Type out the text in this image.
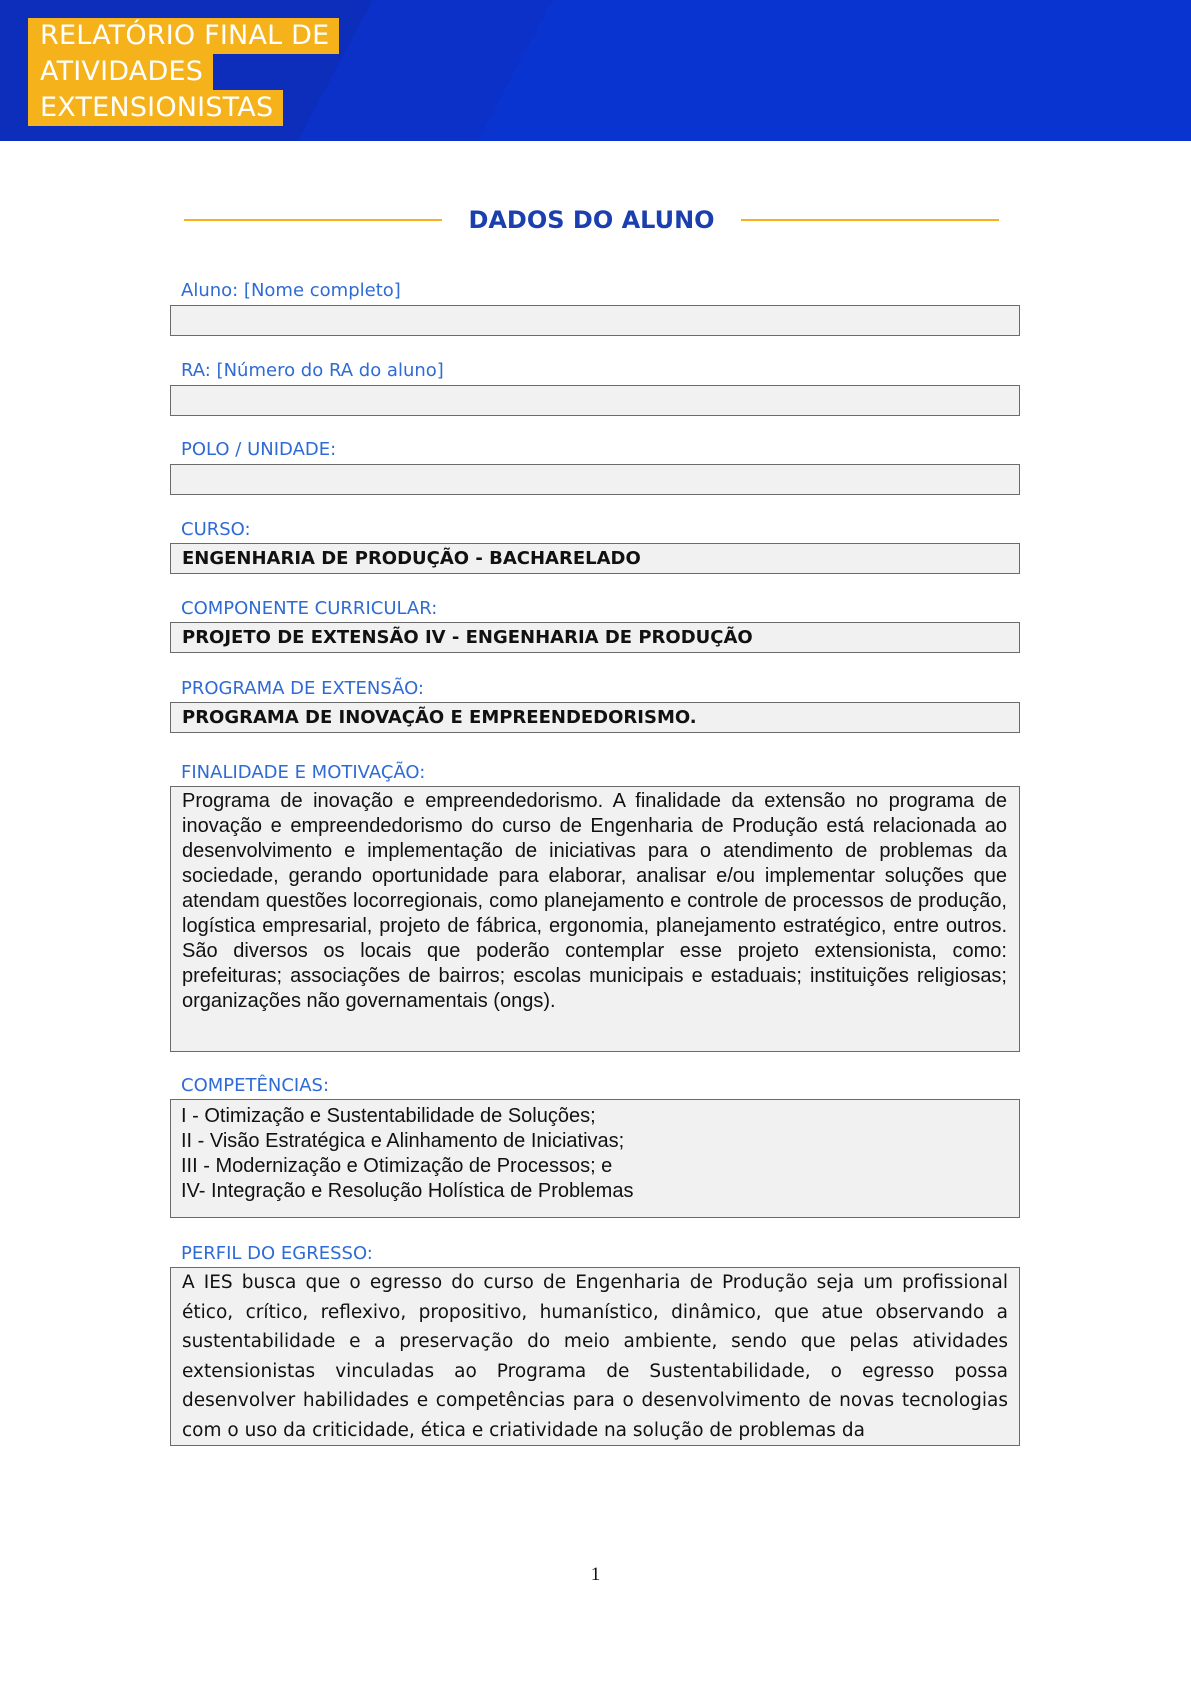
RELATÓRIO FINAL DE
ATIVIDADES
EXTENSIONISTAS
DADOS DO ALUNO
Aluno: [Nome completo]
RA: [Número do RA do aluno]
POLO / UNIDADE:
CURSO:
ENGENHARIA DE PRODUÇÃO - BACHARELADO
COMPONENTE CURRICULAR:
PROJETO DE EXTENSÃO IV - ENGENHARIA DE PRODUÇÃO
PROGRAMA DE EXTENSÃO:
PROGRAMA DE INOVAÇÃO E EMPREENDEDORISMO.
FINALIDADE E MOTIVAÇÃO:
Programa de inovação e empreendedorismo. A finalidade da extensão no programa de inovação e empreendedorismo do curso de Engenharia de Produção está relacionada ao desenvolvimento e implementação de iniciativas para o atendimento de problemas da sociedade, gerando oportunidade para elaborar, analisar e/ou implementar soluções que atendam questões locorregionais, como planejamento e controle de processos de produção, logística empresarial, projeto de fábrica, ergonomia, planejamento estratégico, entre outros. São diversos os locais que poderão contemplar esse projeto extensionista, como: prefeituras; associações de bairros; escolas municipais e estaduais; instituições religiosas; organizações não governamentais (ongs).
COMPETÊNCIAS:
I - Otimização e Sustentabilidade de Soluções;
II - Visão Estratégica e Alinhamento de Iniciativas;
III - Modernização e Otimização de Processos; e
IV- Integração e Resolução Holística de Problemas
PERFIL DO EGRESSO:
A IES busca que o egresso do curso de Engenharia de Produção seja um profissional ético, crítico, reflexivo, propositivo, humanístico, dinâmico, que atue observando a sustentabilidade e a preservação do meio ambiente, sendo que pelas atividades extensionistas vinculadas ao Programa de Sustentabilidade, o egresso possa desenvolver habilidades e competências para o desenvolvimento de novas tecnologias com o uso da criticidade, ética e criatividade na solução de problemas da
1
